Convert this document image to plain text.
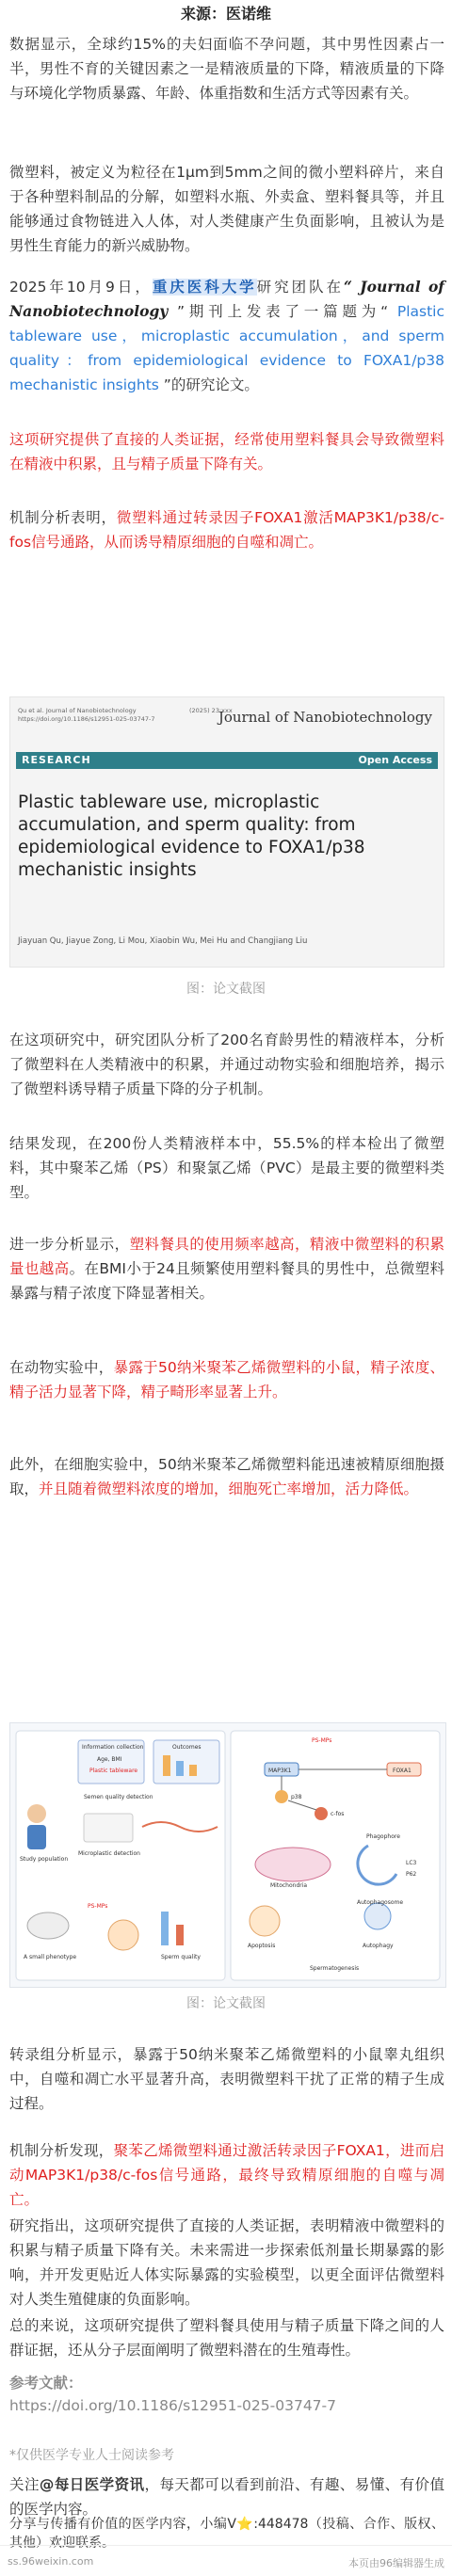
来源：医诺维

数据显示，全球约15%的夫妇面临不孕问题，其中男性因素占一半，男性不育的关键因素之一是精液质量的下降，精液质量的下降与环境化学物质暴露、年龄、体重指数和生活方式等因素有关。

微塑料，被定义为粒径在1μm到5mm之间的微小塑料碎片，来自于各种塑料制品的分解，如塑料水瓶、外卖盒、塑料餐具等，并且能够通过食物链进入人体，对人类健康产生负面影响，且被认为是男性生育能力的新兴威胁物。

2025年10月9日，重庆医科大学研究团队在“ Journal of Nanobiotechnology ”期刊上发表了一篇题为“ Plastic tableware use，microplastic accumulation，and sperm quality：from epidemiological evidence to FOXA1/p38 mechanistic insights ”的研究论文。

这项研究提供了直接的人类证据，经常使用塑料餐具会导致微塑料在精液中积累，且与精子质量下降有关。

机制分析表明，微塑料通过转录因子FOXA1激活MAP3K1/p38/c-fos信号通路，从而诱导精原细胞的自噬和凋亡。

Qu et al. Journal of Nanobiotechnology
https://doi.org/10.1186/s12951-025-03747-7
(2025) 23:xxx
Journal of Nanobiotechnology
RESEARCH	Open Access
Plastic tableware use, microplastic accumulation, and sperm quality: from epidemiological evidence to FOXA1/p38 mechanistic insights
Jiayuan Qu, Jiayue Zong, Li Mou, Xiaobin Wu, Mei Hu and Changjiang Liu
图：论文截图

在这项研究中，研究团队分析了200名育龄男性的精液样本，分析了微塑料在人类精液中的积累，并通过动物实验和细胞培养，揭示了微塑料诱导精子质量下降的分子机制。

结果发现，在200份人类精液样本中，55.5%的样本检出了微塑料，其中聚苯乙烯（PS）和聚氯乙烯（PVC）是最主要的微塑料类型。

进一步分析显示，塑料餐具的使用频率越高，精液中微塑料的积累量也越高。在BMI小于24且频繁使用塑料餐具的男性中，总微塑料暴露与精子浓度下降显著相关。

在动物实验中，暴露于50纳米聚苯乙烯微塑料的小鼠，精子浓度、精子活力显著下降，精子畸形率显著上升。

此外，在细胞实验中，50纳米聚苯乙烯微塑料能迅速被精原细胞摄取，并且随着微塑料浓度的增加，细胞死亡率增加，活力降低。

Information collection
Age, BMI
Plastic tableware
Outcomes
Study population
Semen quality detection
Microplastic detection
A small phenotype
PS-MPs
Sperm quality
PS-MPs
MAP3K1	FOXA1
p38
c-fos
Mitochondria
Phagophore
LC3
P62
Apoptosis
Autophagosome
Autophagy
Spermatogenesis
图：论文截图

转录组分析显示，暴露于50纳米聚苯乙烯微塑料的小鼠睾丸组织中，自噬和凋亡水平显著升高，表明微塑料干扰了正常的精子生成过程。

机制分析发现，聚苯乙烯微塑料通过激活转录因子FOXA1，进而启动MAP3K1/p38/c-fos信号通路，最终导致精原细胞的自噬与凋亡。

研究指出，这项研究提供了直接的人类证据，表明精液中微塑料的积累与精子质量下降有关。未来需进一步探索低剂量长期暴露的影响，并开发更贴近人体实际暴露的实验模型，以更全面评估微塑料对人类生殖健康的负面影响。

总的来说，这项研究提供了塑料餐具使用与精子质量下降之间的人群证据，还从分子层面阐明了微塑料潜在的生殖毒性。

参考文献：
https://doi.org/10.1186/s12951-025-03747-7

*仅供医学专业人士阅读参考

关注@每日医学资讯，每天都可以看到前沿、有趣、易懂、有价值的医学内容。

分享与传播有价值的医学内容，小编V⭐:448478（投稿、合作、版权、其他）欢迎联系。

ss.96weixin.com	本页由96编辑器生成
